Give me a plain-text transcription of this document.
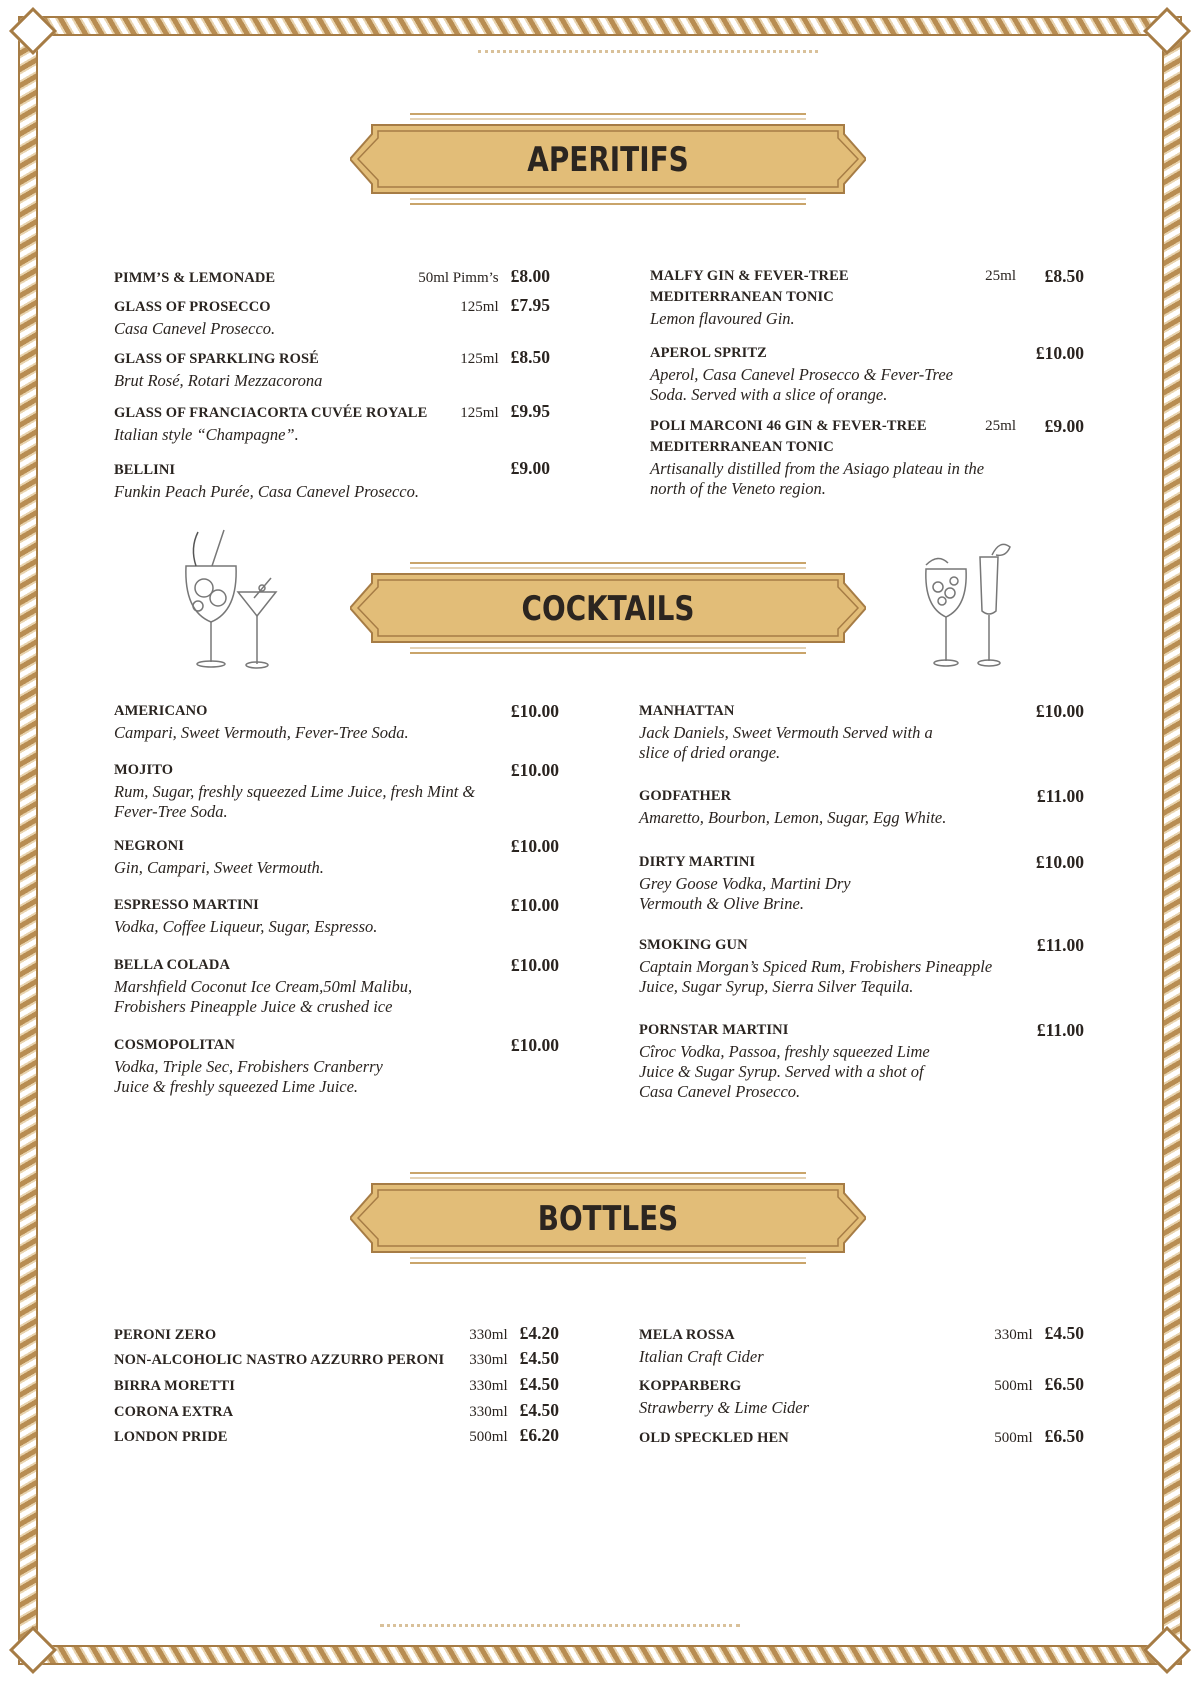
APERITIFS
COCKTAILS
BOTTLES
PIMM’S & LEMONADE	50ml Pimm’s £8.00
GLASS OF PROSECCO	125ml £7.95
Casa Canevel Prosecco.
GLASS OF SPARKLING ROSÉ	125ml £8.50
Brut Rosé, Rotari Mezzacorona
GLASS OF FRANCIACORTA CUVÉE ROYALE 125ml £9.95
Italian style “Champagne”.
BELLINI	£9.00
Funkin Peach Purée, Casa Canevel Prosecco.
MALFY GIN & FEVER-TREE MEDITERRANEAN TONIC
25ml £8.50
Lemon flavoured Gin.
APEROL SPRITZ	£10.00
Aperol, Casa Canevel Prosecco & Fever-Tree Soda. Served with a slice of orange.
POLI MARCONI 46 GIN & FEVER-TREE MEDITERRANEAN TONIC
25ml £9.00
Artisanally distilled from the Asiago plateau in the north of the Veneto region.
AMERICANO	£10.00
Campari, Sweet Vermouth, Fever-Tree Soda.
MOJITO	£10.00
Rum, Sugar, freshly squeezed Lime Juice, fresh Mint & Fever-Tree Soda.
NEGRONI	£10.00
Gin, Campari, Sweet Vermouth.
ESPRESSO MARTINI	£10.00
Vodka, Coffee Liqueur, Sugar, Espresso.
BELLA COLADA	£10.00
Marshfield Coconut Ice Cream,50ml Malibu, Frobishers Pineapple Juice & crushed ice
COSMOPOLITAN	£10.00
Vodka, Triple Sec, Frobishers Cranberry Juice & freshly squeezed Lime Juice.
MANHATTAN	£10.00
Jack Daniels, Sweet Vermouth Served with a slice of dried orange.
GODFATHER	£11.00
Amaretto, Bourbon, Lemon, Sugar, Egg White.
DIRTY MARTINI	£10.00
Grey Goose Vodka, Martini Dry Vermouth & Olive Brine.
SMOKING GUN	£11.00
Captain Morgan’s Spiced Rum, Frobishers Pineapple Juice, Sugar Syrup, Sierra Silver Tequila.
PORNSTAR MARTINI	£11.00
Cîroc Vodka, Passoa, freshly squeezed Lime Juice & Sugar Syrup. Served with a shot of Casa Canevel Prosecco.
PERONI ZERO	330ml £4.20
NON-ALCOHOLIC NASTRO AZZURRO PERONI 330ml £4.50
BIRRA MORETTI	330ml £4.50
CORONA EXTRA	330ml £4.50
LONDON PRIDE	500ml £6.20
MELA ROSSA	330ml £4.50
Italian Craft Cider
KOPPARBERG	500ml £6.50
Strawberry & Lime Cider
OLD SPECKLED HEN	500ml £6.50
